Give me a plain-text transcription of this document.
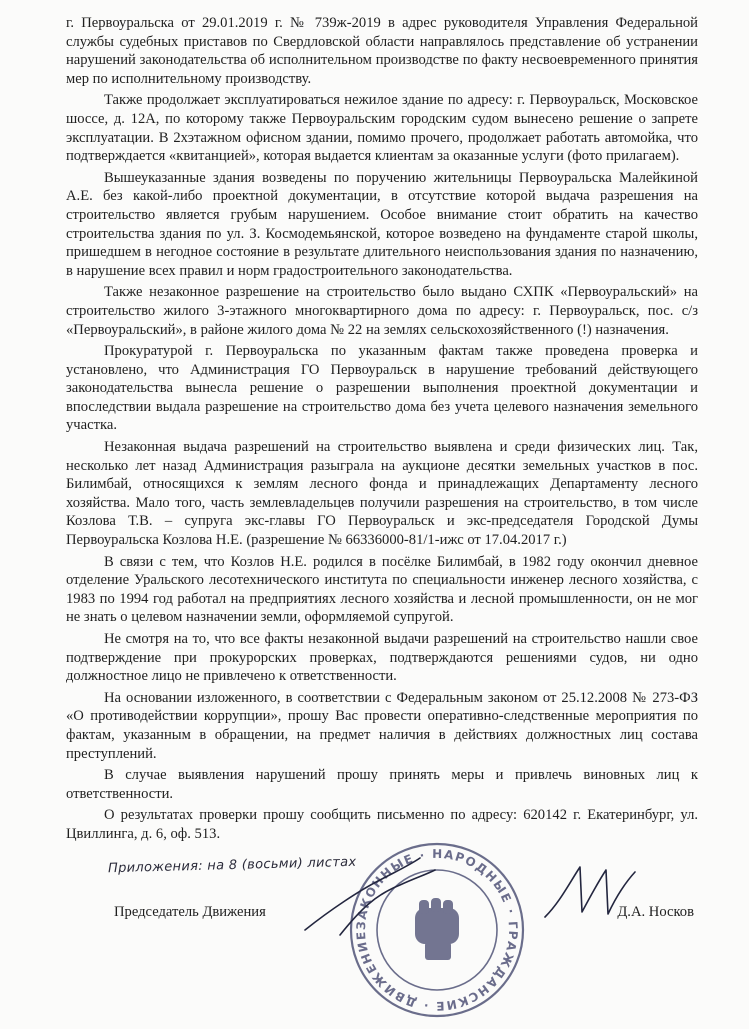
г. Первоуральска от 29.01.2019 г. № 739ж-2019 в адрес руководителя Управления Федеральной службы судебных приставов по Свердловской области направлялось представление об устранении нарушений законодательства об исполнительном производстве по факту несвоевременного принятия мер по исполнительному производству.

Также продолжает эксплуатироваться нежилое здание по адресу: г. Первоуральск, Московское шоссе, д. 12А, по которому также Первоуральским городским судом вынесено решение о запрете эксплуатации. В 2хэтажном офисном здании, помимо прочего, продолжает работать автомойка, что подтверждается «квитанцией», которая выдается клиентам за оказанные услуги (фото прилагаем).

Вышеуказанные здания возведены по поручению жительницы Первоуральска Малейкиной А.Е. без какой-либо проектной документации, в отсутствие которой выдача разрешения на строительство является грубым нарушением. Особое внимание стоит обратить на качество строительства здания по ул. З. Космодемьянской, которое возведено на фундаменте старой школы, пришедшем в негодное состояние в результате длительного неиспользования здания по назначению, в нарушение всех правил и норм градостроительного законодательства.

Также незаконное разрешение на строительство было выдано СХПК «Первоуральский» на строительство жилого 3-этажного многоквартирного дома по адресу: г. Первоуральск, пос. с/з «Первоуральский», в районе жилого дома № 22 на землях сельскохозяйственного (!) назначения.

Прокуратурой г. Первоуральска по указанным фактам также проведена проверка и установлено, что Администрация ГО Первоуральск в нарушение требований действующего законодательства вынесла решение о разрешении выполнения проектной документации и впоследствии выдала разрешение на строительство дома без учета целевого назначения земельного участка.

Незаконная выдача разрешений на строительство выявлена и среди физических лиц. Так, несколько лет назад Администрация разыграла на аукционе десятки земельных участков в пос. Билимбай, относящихся к землям лесного фонда и принадлежащих Департаменту лесного хозяйства. Мало того, часть землевладельцев получили разрешения на строительство, в том числе Козлова Т.В. – супруга экс-главы ГО Первоуральск и экс-председателя Городской Думы Первоуральска Козлова Н.Е. (разрешение № 66336000-81/1-ижс от 17.04.2017 г.)

В связи с тем, что Козлов Н.Е. родился в посёлке Билимбай, в 1982 году окончил дневное отделение Уральского лесотехнического института по специальности инженер лесного хозяйства, с 1983 по 1994 год работал на предприятиях лесного хозяйства и лесной промышленности, он не мог не знать о целевом назначении земли, оформляемой супругой.

Не смотря на то, что все факты незаконной выдачи разрешений на строительство нашли свое подтверждение при прокурорских проверках, подтверждаются решениями судов, ни одно должностное лицо не привлечено к ответственности.

На основании изложенного, в соответствии с Федеральным законом от 25.12.2008 № 273-ФЗ «О противодействии коррупции», прошу Вас провести оперативно-следственные мероприятия по фактам, указанным в обращении, на предмет наличия в действиях должностных лиц состава преступлений.

В случае выявления нарушений прошу принять меры и привлечь виновных лиц к ответственности.

О результатах проверки прошу сообщить письменно по адресу: 620142 г. Екатеринбург, ул. Цвиллинга, д. 6, оф. 513.

Приложения: на 8 (восьми) листах
ЗАКОННЫЕ · НАРОДНЫЕ · ГРАЖДАНСКИЕ · ДВИЖЕНИЕ
Председатель Движения	Д.А. Носков
